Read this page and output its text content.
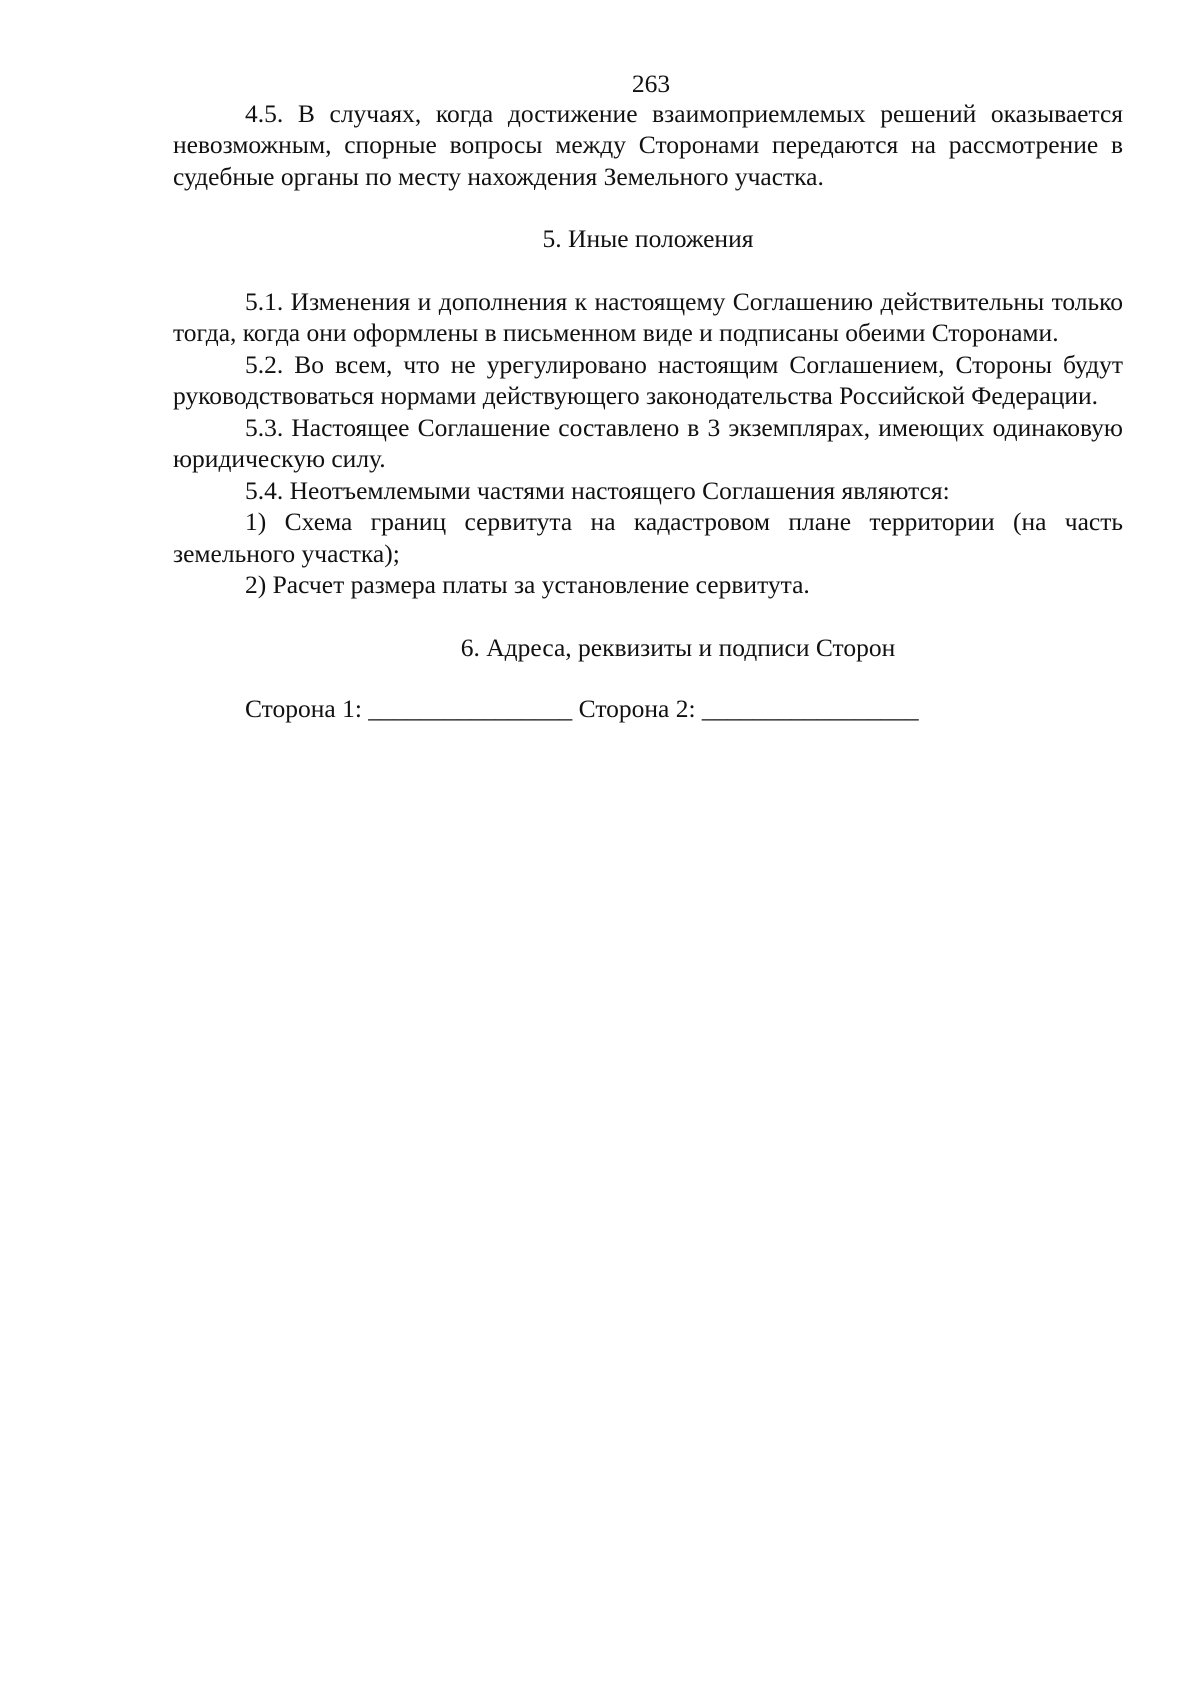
263

4.5. В случаях, когда достижение взаимоприемлемых решений оказывается невозможным, спорные вопросы между Сторонами передаются на рассмотрение в судебные органы по месту нахождения Земельного участка.

5. Иные положения

5.1. Изменения и дополнения к настоящему Соглашению действительны только тогда, когда они оформлены в письменном виде и подписаны обеими Сторонами.

5.2. Во всем, что не урегулировано настоящим Соглашением, Стороны будут руководствоваться нормами действующего законодательства Российской Федерации.

5.3. Настоящее Соглашение составлено в 3 экземплярах, имеющих одинаковую юридическую силу.

5.4. Неотъемлемыми частями настоящего Соглашения являются:

1) Схема границ сервитута на кадастровом плане территории (на часть земельного участка);

2) Расчет размера платы за установление сервитута.

6. Адреса, реквизиты и подписи Сторон

Сторона 1: ________________ Сторона 2: _________________
